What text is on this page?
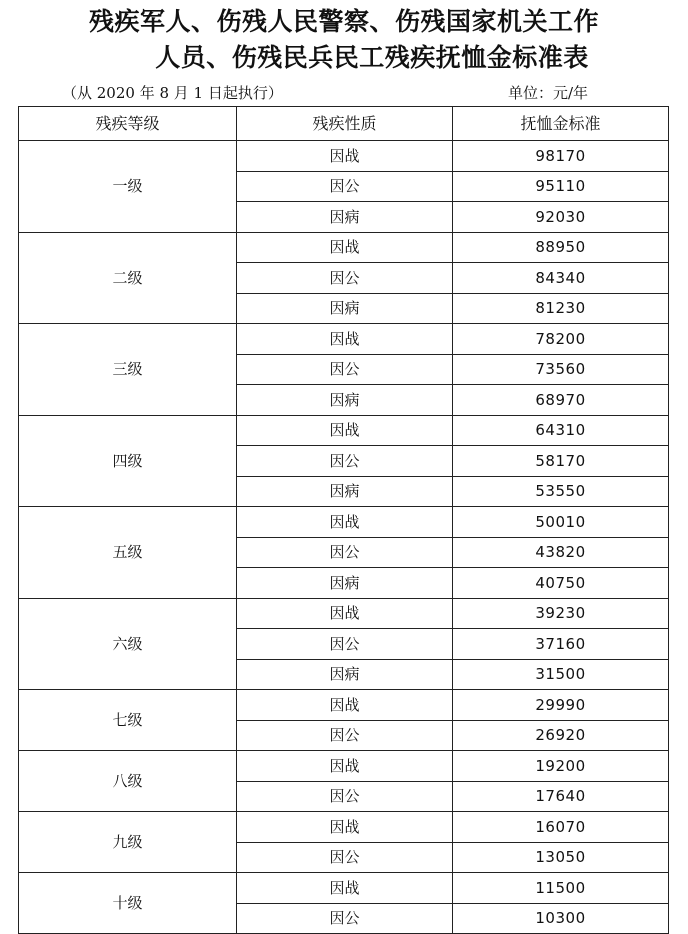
残疾军人、伤残人民警察、伤残国家机关工作
人员、伤残民兵民工残疾抚恤金标准表
（从 2020 年 8 月 1 日起执行）	单位：元/年
残疾等级	残疾性质	抚恤金标准
一级	因战	98170
	因公	95110
	因病	92030
二级	因战	88950
	因公	84340
	因病	81230
三级	因战	78200
	因公	73560
	因病	68970
四级	因战	64310
	因公	58170
	因病	53550
五级	因战	50010
	因公	43820
	因病	40750
六级	因战	39230
	因公	37160
	因病	31500
七级	因战	29990
	因公	26920
八级	因战	19200
	因公	17640
九级	因战	16070
	因公	13050
十级	因战	11500
	因公	10300
